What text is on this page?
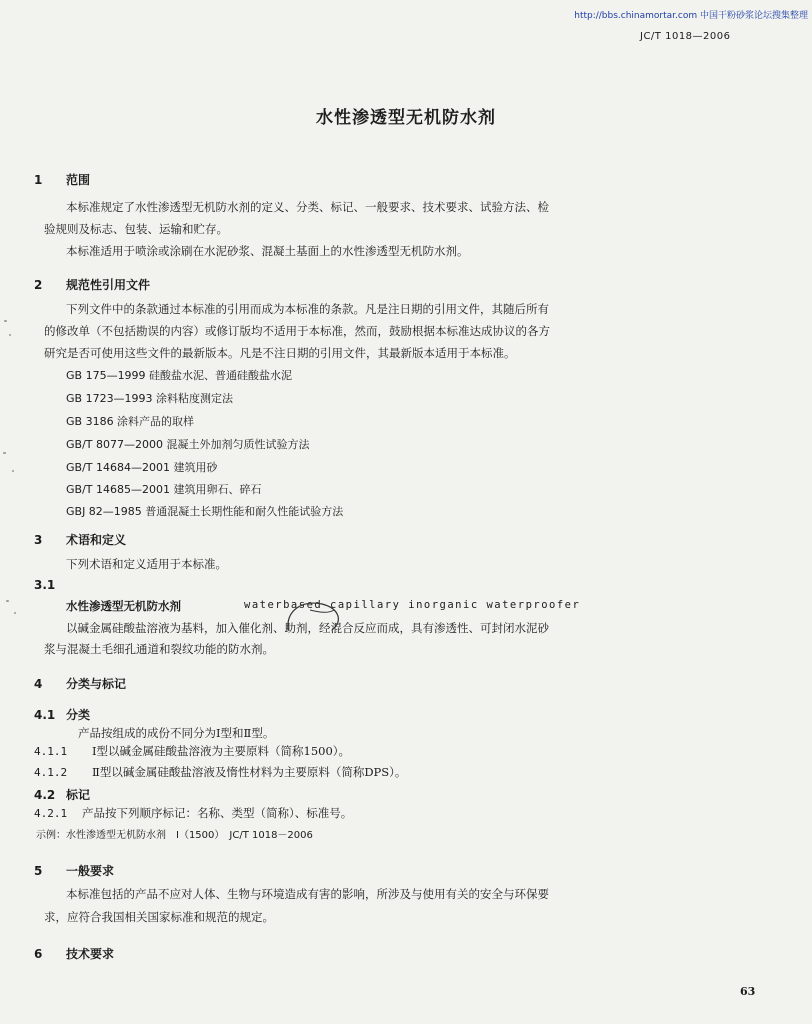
http://bbs.chinamortar.com 中国干粉砂浆论坛搜集整理
JC/T 1018—2006
水性渗透型无机防水剂
1 范围
本标准规定了水性渗透型无机防水剂的定义、分类、标记、一般要求、技术要求、试验方法、检
验规则及标志、包装、运输和贮存。
本标准适用于喷涂或涂刷在水泥砂浆、混凝土基面上的水性渗透型无机防水剂。
2 规范性引用文件
下列文件中的条款通过本标准的引用而成为本标准的条款。凡是注日期的引用文件，其随后所有
的修改单（不包括勘误的内容）或修订版均不适用于本标准，然而，鼓励根据本标准达成协议的各方
研究是否可使用这些文件的最新版本。凡是不注日期的引用文件，其最新版本适用于本标准。
GB 175—1999 硅酸盐水泥、普通硅酸盐水泥
GB 1723—1993 涂料粘度测定法
GB 3186 涂料产品的取样
GB/T 8077—2000 混凝土外加剂匀质性试验方法
GB/T 14684—2001 建筑用砂
GB/T 14685—2001 建筑用卵石、碎石
GBJ 82—1985 普通混凝土长期性能和耐久性能试验方法
3 术语和定义
下列术语和定义适用于本标准。
3.1
水性渗透型无机防水剂	waterbased capillary inorganic waterproofer
以碱金属硅酸盐溶液为基料，加入催化剂、助剂，经混合反应而成，具有渗透性、可封闭水泥砂
浆与混凝土毛细孔通道和裂纹功能的防水剂。
4 分类与标记
4.1 分类
产品按组成的成份不同分为Ⅰ型和Ⅱ型。
4.1.1 Ⅰ型以碱金属硅酸盐溶液为主要原料（简称1500）。
4.1.2 Ⅱ型以碱金属硅酸盐溶液及惰性材料为主要原料（简称DPS）。
4.2 标记
4.2.1 产品按下列顺序标记：名称、类型（简称）、标准号。
示例：水性渗透型无机防水剂　Ⅰ（1500）　JC/T 1018－2006
5 一般要求
本标准包括的产品不应对人体、生物与环境造成有害的影响，所涉及与使用有关的安全与环保要
求，应符合我国相关国家标准和规范的规定。
6 技术要求
63
